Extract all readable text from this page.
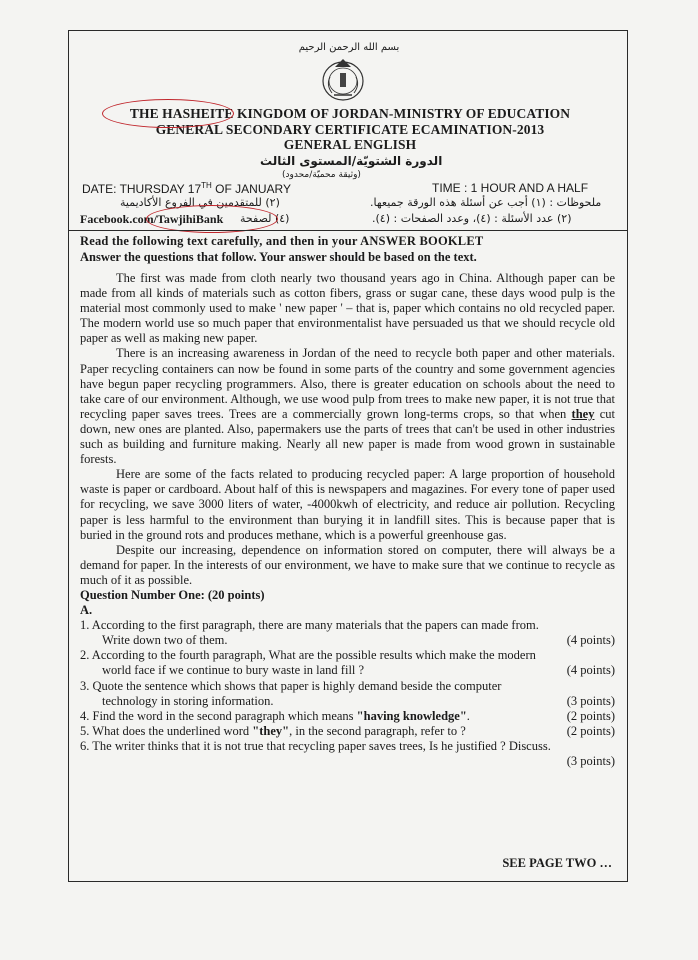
بسم الله الرحمن الرحيم
THE HASHEITE KINGDOM OF JORDAN-MINISTRY OF EDUCATION
GENERAL SECONDARY CERTIFICATE ECAMINATION-2013
GENERAL ENGLISH
الدورة الشتويّة/المستوى الثالث
(وثيقة محميّة/محدود)
DATE: THURSDAY 17TH OF JANUARY	TIME : 1 HOUR AND A HALF
ملحوظات : (١) أجب عن أسئلة هذه الورقة جميعها.
(٢) للمتقدمين في الفروع الأكاديمية
(٢) عدد الأسئلة : (٤)، وعدد الصفحات : (٤).
(٤) لصفحة
Facebook.com/TawjihiBank
Read the following text carefully, and then in your ANSWER BOOKLET
Answer the questions that follow. Your answer should be based on the text.

The first was made from cloth nearly two thousand years ago in China. Although paper can be made from all kinds of materials such as cotton fibers, grass or sugar cane, these days wood pulp is the material most commonly used to make ' new paper ' – that is, paper which contains no old recycled paper. The modern world use so much paper that environmentalist have persuaded us that we should recycle old paper as well as making new paper.

There is an increasing awareness in Jordan of the need to recycle both paper and other materials. Paper recycling containers can now be found in some parts of the country and some government agencies have begun paper recycling programmers. Also, there is greater education on schools about the need to take care of our environment. Although, we use wood pulp from trees to make new paper, it is not true that recycling paper saves trees. Trees are a commercially grown long-terms crops, so that when they cut down, new ones are planted. Also, papermakers use the parts of trees that can't be used in other industries such as building and furniture making. Nearly all new paper is made from wood grown in sustainable forests.

Here are some of the facts related to producing recycled paper: A large proportion of household waste is paper or cardboard. About half of this is newspapers and magazines. For every tone of paper used for recycling, we save 3000 liters of water, -4000kwh of electricity, and reduce air pollution. Recycling paper is less harmful to the environment than burying it in landfill sites. This is because paper that is buried in the ground rots and produces methane, which is a powerful greenhouse gas.

Despite our increasing, dependence on information stored on computer, there will always be a demand for paper. In the interests of our environment, we have to make sure that we continue to recycle as much of it as possible.

Question Number One: (20 points)
A.
1. According to the first paragraph, there are many materials that the papers can made from.
Write down two of them.	(4 points)
2. According to the fourth paragraph, What are the possible results which make the modern
world face if we continue to bury waste in land fill ?	(4 points)
3. Quote the sentence which shows that paper is highly demand beside the computer
technology in storing information.	(3 points)
4. Find the word in the second paragraph which means "having knowledge".	(2 points)
5. What does the underlined word "they", in the second paragraph, refer to ?	(2 points)
6. The writer thinks that it is not true that recycling paper saves trees, Is he justified ? Discuss.
(3 points)
SEE PAGE TWO …
